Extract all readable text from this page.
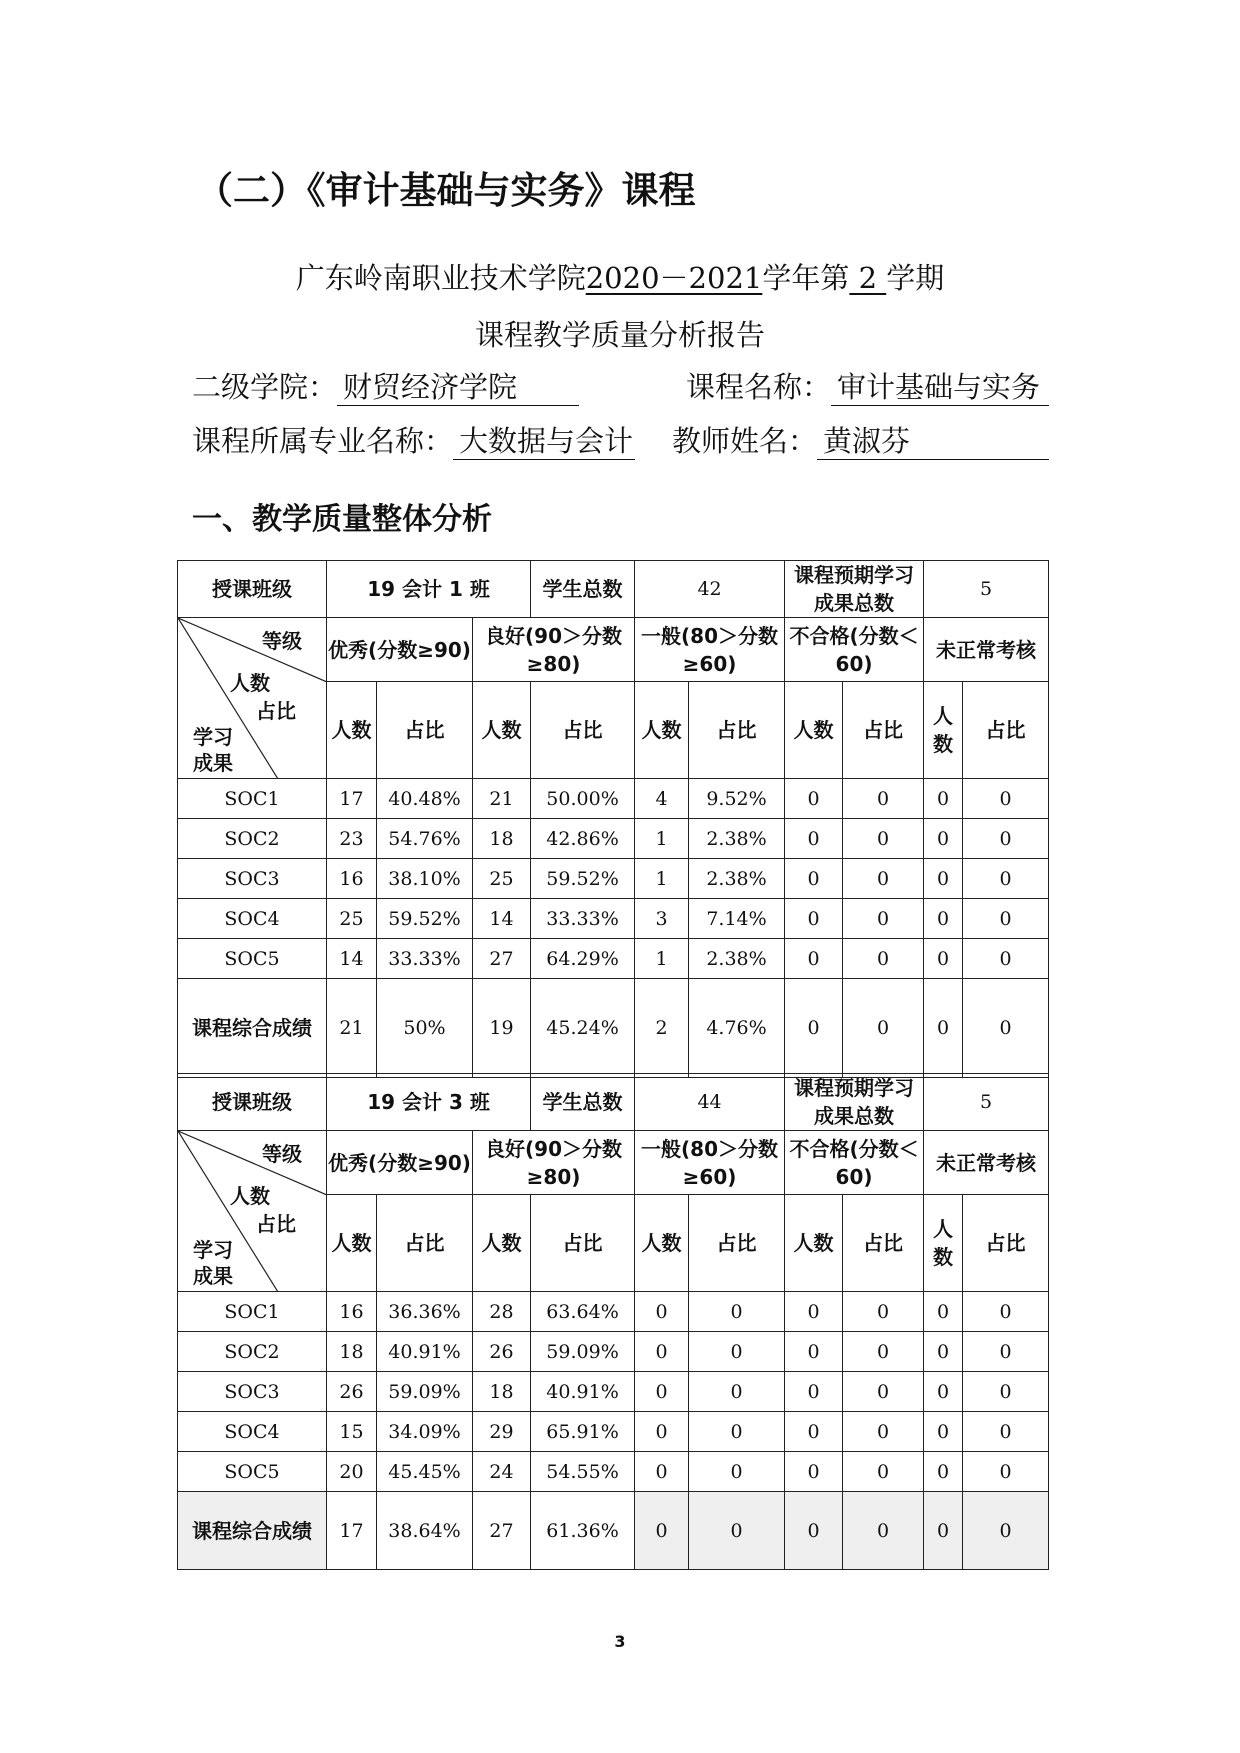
（二）《审计基础与实务》课程
广东岭南职业技术学院2020－2021学年第 2 学期
课程教学质量分析报告
二级学院： 财贸经济学院	课程名称： 审计基础与实务
课程所属专业名称： 大数据与会计 教师姓名： 黄淑芬
一、教学质量整体分析
授课班级	19 会计 1 班			学生总数	42		课程预期学习成果总数		5	

等级
人数
占比
学习成果	优秀(分数≥90)		良好(90＞分数≥80)		一般(80＞分数≥60)		不合格(分数＜60)		未正常考核	
	人数	占比	人数	占比	人数	占比	人数	占比	人数	占比
SOC1	17	40.48%	21	50.00%	4	9.52%	0	0	0	0
SOC2	23	54.76%	18	42.86%	1	2.38%	0	0	0	0
SOC3	16	38.10%	25	59.52%	1	2.38%	0	0	0	0
SOC4	25	59.52%	14	33.33%	3	7.14%	0	0	0	0
SOC5	14	33.33%	27	64.29%	1	2.38%	0	0	0	0
课程综合成绩	21	50%	19	45.24%	2	4.76%	0	0	0	0
授课班级	19 会计 3 班			学生总数	44		课程预期学习成果总数		5	

等级
人数
占比
学习成果	优秀(分数≥90)		良好(90＞分数≥80)		一般(80＞分数≥60)		不合格(分数＜60)		未正常考核	
	人数	占比	人数	占比	人数	占比	人数	占比	人数	占比
SOC1	16	36.36%	28	63.64%	0	0	0	0	0	0
SOC2	18	40.91%	26	59.09%	0	0	0	0	0	0
SOC3	26	59.09%	18	40.91%	0	0	0	0	0	0
SOC4	15	34.09%	29	65.91%	0	0	0	0	0	0
SOC5	20	45.45%	24	54.55%	0	0	0	0	0	0
课程综合成绩	17	38.64%	27	61.36%	0	0	0	0	0	0
3
